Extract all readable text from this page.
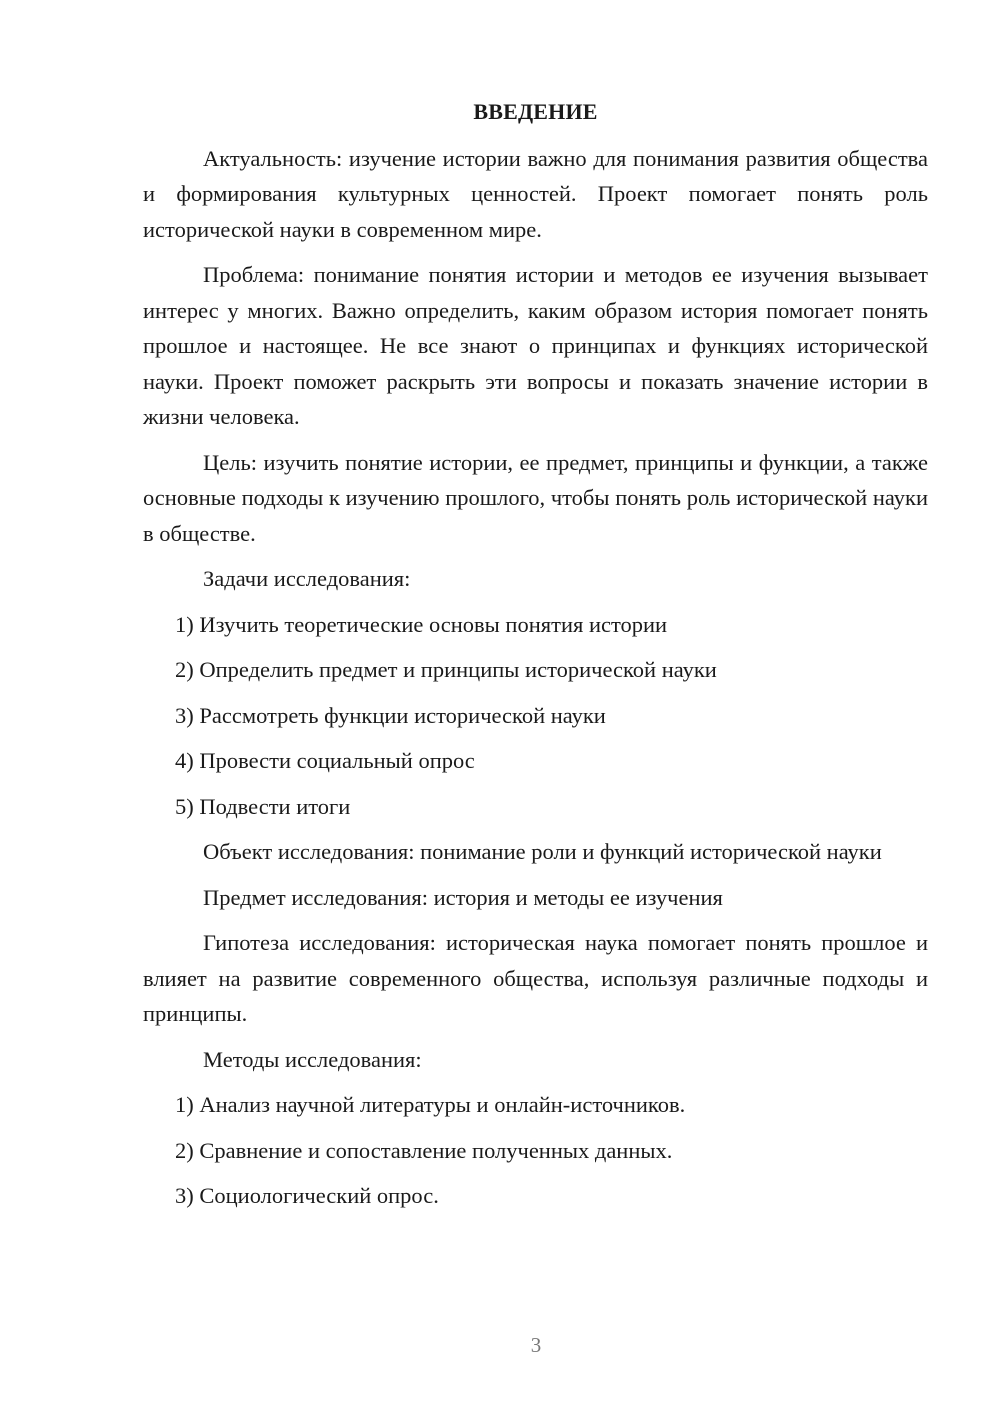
ВВЕДЕНИЕ

Актуальность: изучение истории важно для понимания развития общества и формирования культурных ценностей. Проект помогает понять роль исторической науки в современном мире.

Проблема: понимание понятия истории и методов ее изучения вызывает интерес у многих. Важно определить, каким образом история помогает понять прошлое и настоящее. Не все знают о принципах и функциях исторической науки. Проект поможет раскрыть эти вопросы и показать значение истории в жизни человека.

Цель: изучить понятие истории, ее предмет, принципы и функции, а также основные подходы к изучению прошлого, чтобы понять роль исторической науки в обществе.

Задачи исследования:

1) Изучить теоретические основы понятия истории
2) Определить предмет и принципы исторической науки
3) Рассмотреть функции исторической науки
4) Провести социальный опрос
5) Подвести итоги

Объект исследования: понимание роли и функций исторической науки

Предмет исследования: история и методы ее изучения

Гипотеза исследования: историческая наука помогает понять прошлое и влияет на развитие современного общества, используя различные подходы и принципы.

Методы исследования:

1) Анализ научной литературы и онлайн-источников.
2) Сравнение и сопоставление полученных данных.
3) Социологический опрос.
3
